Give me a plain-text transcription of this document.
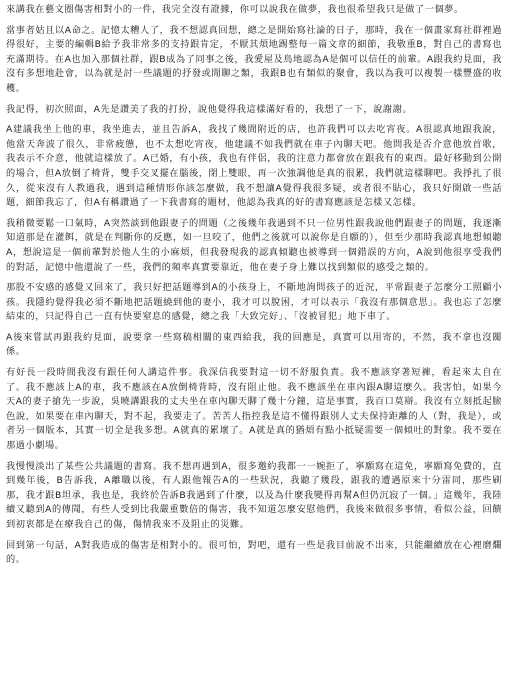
來講我在藝文圈傷害相對小的一件，我完全沒有證據，你可以說我在做夢，我也很希望我只是做了一個夢。

當事者姑且以A命之。記憶太糟人了，我不想認真回想，總之是開始寫社論的日子，那時，我在一個畫家寫社群裡過得很好，主要的編輯B給予我非常多的支持跟肯定，不厭其煩地踢整每一篇文章的細節，我敬重B，對自己的書寫也充滿期待。在A也加入那個社群，跟B成為了同事之後，我愛屋及鳥地認為A是個可以信任的前輩。A跟我約見面，我沒有多想地赴會，以為就是討一些議題的抒發或閒聊之類，我跟B也有類似的聚會，我以為我可以複製一樣豐盛的收穫。

我記得，初次照面，A先是讚美了我的打扮，說他覺得我這樣滿好看的，我想了一下，說謝謝。

A建議我坐上他的車，我坐進去，並且告訴A，我找了幾間附近的店，也許我們可以去吃宵夜。A很認真地跟我說，他當天奔波了很久，非常疲憊，也不太想吃宵夜，他建議不如我們就在車子內聊天吧。他問我是否介意他放首歌，我表示不介意，他就這樣放了。A已婚，有小孩，我也有伴侶，我的注意力都會放在跟我有的東西。最好移動到公開的場合，但A放倒了椅背，雙手交叉擺在腦後，閉上雙眼，再一次強調他是真的很累，我們就這樣聊吧。我掙扎了很久，從來沒有人教過我，遇到這種情形你該怎麼做，我不想讓A覺得我很多疑，或者很不貼心，我只好開啟一些話題，細節我忘了，但A有稱讚過了一下我書寫的題材，他認為我真的好的書寫應該是怎樣又怎樣。

我稍微要鬆一口氣時，A突然談到他跟妻子的問題（之後幾年我遇到不只一位男性跟我說他們跟妻子的問題，我逐漸知道那是在灌餌，就是在判斷你的反應，如一旦咬了，他們之後就可以說你是自願的），但至少那時我認真地想傾聽A，想說這是一個前輩對於他人生的小麻煩，但我發現我的認真傾聽也被導到一個錯誤的方向，A說到他很享受我們的對話，記憶中他還說了一些，我們的頻率真實要靠近，他在妻子身上難以找到類似的感受之類的。

那股不安感的感覺又回來了，我只好把話題導到A的小孩身上，不斷地詢問孩子的近況，平常跟妻子怎麼分工照顧小孩。我隱約覺得我必須不斷地把話題繞到他的妻小，我才可以脫困，才可以表示「我沒有那個意思」。我也忘了怎麼結束的，只記得自己一直有快要窒息的感覺，總之我「大致完好」、「沒被冒犯」地下車了。

A後來嘗試再跟我約見面，說要拿一些寫稿相關的東西給我，我的回應是，真實可以用寄的，不然，我不拿也沒關係。

有好長一段時間我沒有跟任何人講這件事。我深信我要對這一切不舒服負責。我不應該穿著短褲，看起來太自在了。我不應該上A的車，我不應該在A放倒椅背時，沒有阻止他。我不應該坐在車內跟A聊這麼久。我害怕，如果今天A的妻子搶先一步說，吳曉講跟我的丈夫坐在車內聊天聊了幾十分鐘，這是事實，我百口莫辯。我沒有立刻抵起臉色說，如果要在車內聊天，對不起，我要走了。苦苦人指控我是這不懂得跟別人丈夫保持距離的人（對，我是），或者另一個版本，其實一切全是我多想。A就真的累壞了。A就是真的猶煩有點小抵疑需要一個傾吐的對象。我不要在那過小劇場。

我慢慢淡出了某些公共議題的書寫。我不想再遇到A，很多邀約我都一一婉拒了，寧願寫在這免，寧願寫免費的，直到幾年後，B告訴我，A離職以後，有人跟他報告A的一些狀況，我聽了幾段，跟我的遭遇原來十分雷同，那些刷那，我才跟B坦承，我也是，我終於告訴B我遇到了什麼，以及為什麼我變得再幫A但仍沉寂了一個。」這幾年，我陸續又聽到A的傳聞，有些人受到比我嚴重數倍的傷害，我不知道怎麼安慰他們，我後來做很多事情，看似公益，回饋到初衷都是在療我自己的傷，傷情我來不及阻止的災難。

回到第一句話，A對我造成的傷害是相對小的。很可怕，對吧，還有一些是我目前說不出來，只能繼續放在心裡磨爛的。
